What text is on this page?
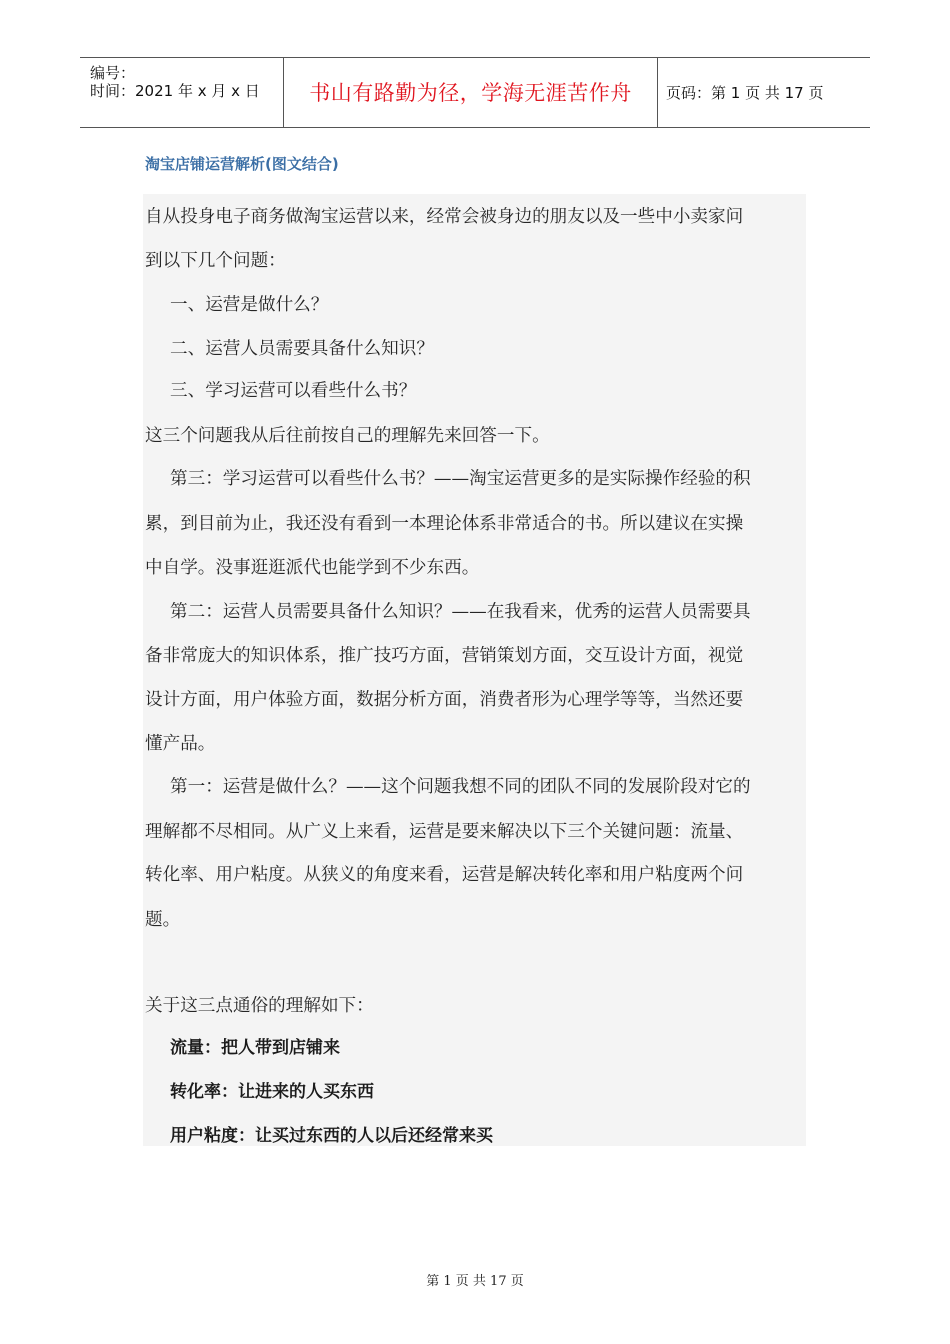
编号：
时间：2021 年 x 月 x 日	书山有路勤为径，学海无涯苦作舟	页码：第 1 页 共 17 页
淘宝店铺运营解析(图文结合)
自从投身电子商务做淘宝运营以来，经常会被身边的朋友以及一些中小卖家问
到以下几个问题：
一、运营是做什么？
二、运营人员需要具备什么知识？
三、学习运营可以看些什么书？
这三个问题我从后往前按自己的理解先来回答一下。
第三：学习运营可以看些什么书？——淘宝运营更多的是实际操作经验的积
累，到目前为止，我还没有看到一本理论体系非常适合的书。所以建议在实操
中自学。没事逛逛派代也能学到不少东西。
第二：运营人员需要具备什么知识？——在我看来，优秀的运营人员需要具
备非常庞大的知识体系，推广技巧方面，营销策划方面，交互设计方面，视觉
设计方面，用户体验方面，数据分析方面，消费者形为心理学等等，当然还要
懂产品。
第一：运营是做什么？——这个问题我想不同的团队不同的发展阶段对它的
理解都不尽相同。从广义上来看，运营是要来解决以下三个关键问题：流量、
转化率、用户粘度。从狭义的角度来看，运营是解决转化率和用户粘度两个问
题。
关于这三点通俗的理解如下：
流量：把人带到店铺来
转化率：让进来的人买东西
用户粘度：让买过东西的人以后还经常来买
第 1 页 共 17 页
